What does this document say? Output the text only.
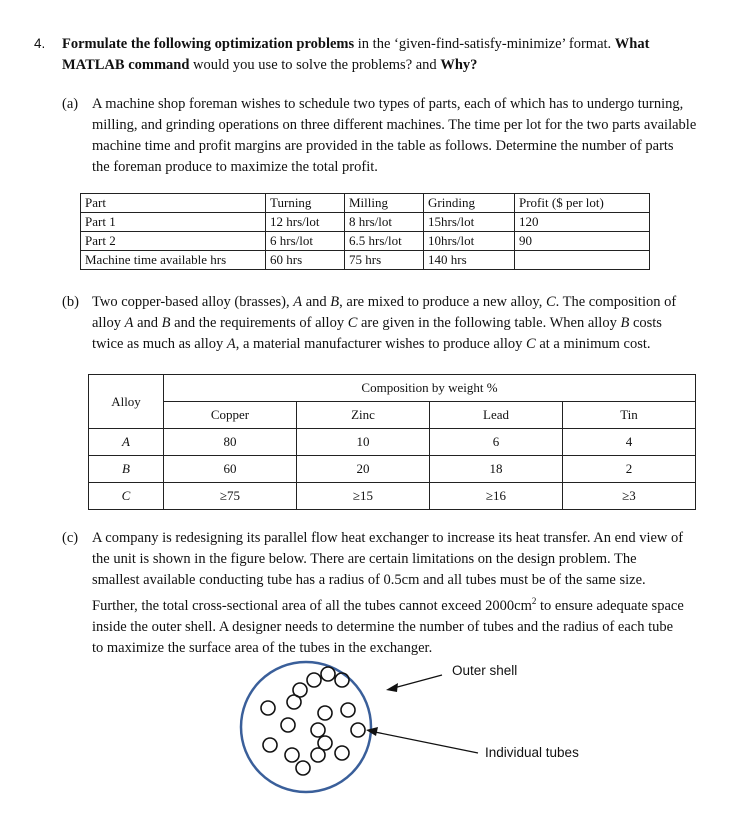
4. Formulate the following optimization problems in the ‘given-find-satisfy-minimize’ format. What
MATLAB command would you use to solve the problems? and Why?
(a) A machine shop foreman wishes to schedule two types of parts, each of which has to undergo turning,
milling, and grinding operations on three different machines. The time per lot for the two parts available
machine time and profit margins are provided in the table as follows. Determine the number of parts
the foreman produce to maximize the total profit.
Part	Turning	Milling	Grinding	Profit ($ per lot)
Part 1	12 hrs/lot	8 hrs/lot	15hrs/lot	120
Part 2	6 hrs/lot	6.5 hrs/lot	10hrs/lot	90
Machine time available hrs	60 hrs	75 hrs	140 hrs	
(b) Two copper-based alloy (brasses), A and B, are mixed to produce a new alloy, C. The composition of
alloy A and B and the requirements of alloy C are given in the following table. When alloy B costs
twice as much as alloy A, a material manufacturer wishes to produce alloy C at a minimum cost.
Alloy	Composition by weight %			
	Copper	Zinc	Lead	Tin
A	80	10	6	4
B	60	20	18	2
C	≥75	≥15	≥16	≥3
(c) A company is redesigning its parallel flow heat exchanger to increase its heat transfer. An end view of
the unit is shown in the figure below. There are certain limitations on the design problem. The
smallest available conducting tube has a radius of 0.5cm and all tubes must be of the same size.
Further, the total cross-sectional area of all the tubes cannot exceed $2000cm^2$ to ensure adequate space
inside the outer shell. A designer needs to determine the number of tubes and the radius of each tube
to maximize the surface area of the tubes in the exchanger.
Outer shell
Individual tubes
